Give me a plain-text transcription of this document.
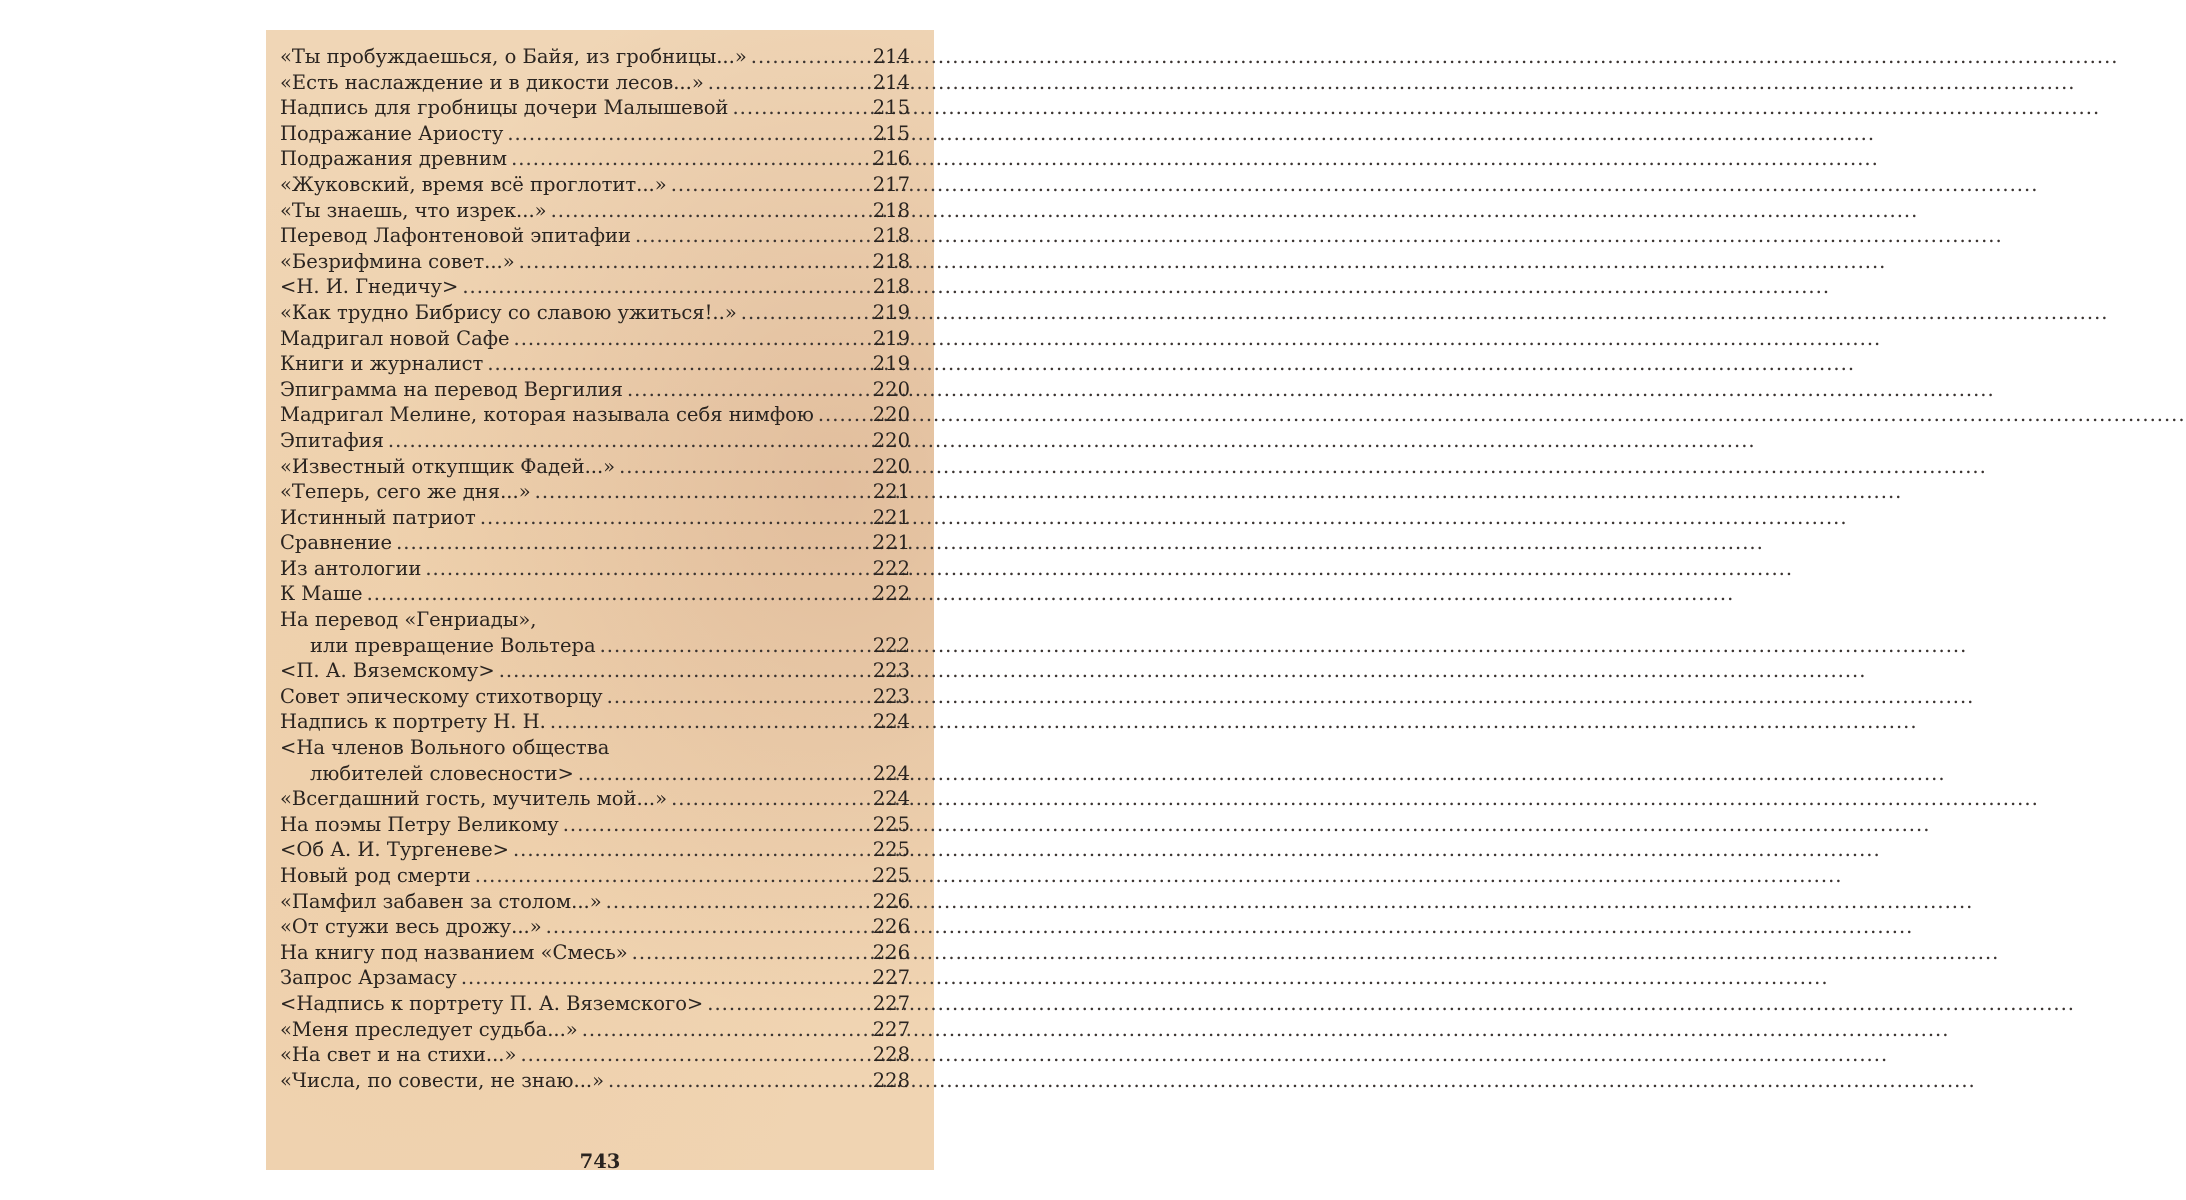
«Ты пробуждаешься, о Байя, из гробницы...» .....	214
«Есть наслаждение и в дикости лесов...» .....	214
Надпись для гробницы дочери Малышевой .....	215
Подражание Ариосту .....	215
Подражания древним .....	216
«Жуковский, время всё проглотит...» .....	217
«Ты знаешь, что изрек...» .....	218
Перевод Лафонтеновой эпитафии .....	218
«Безрифмина совет...» .....	218
<Н. И. Гнедичу> .....	218
«Как трудно Бибрису со славою ужиться!..» .....	219
Мадригал новой Сафе .....	219
Книги и журналист .....	219
Эпиграмма на перевод Вергилия .....	220
Мадригал Мелине, которая называла себя нимфою .....	220
Эпитафия .....	220
«Известный откупщик Фадей...» .....	220
«Теперь, сего же дня...» .....	221
Истинный патриот .....	221
Сравнение .....	221
Из антологии .....	222
К Маше .....	222
На перевод «Генриады»,
или превращение Вольтера .....	222
<П. А. Вяземскому> .....	223
Совет эпическому стихотворцу .....	223
Надпись к портрету Н. Н. .....	224
<На членов Вольного общества
любителей словесности> .....	224
«Всегдашний гость, мучитель мой...» .....	224
На поэмы Петру Великому .....	225
<Об А. И. Тургеневе> .....	225
Новый род смерти .....	225
«Памфил забавен за столом...» .....	226
«От стужи весь дрожу...» .....	226
На книгу под названием «Смесь» .....	226
Запрос Арзамасу .....	227
<Надпись к портрету П. А. Вяземского> .....	227
«Меня преследует судьба...» .....	227
«На свет и на стихи...» .....	228
«Числа, по совести, не знаю...» .....	228
743
